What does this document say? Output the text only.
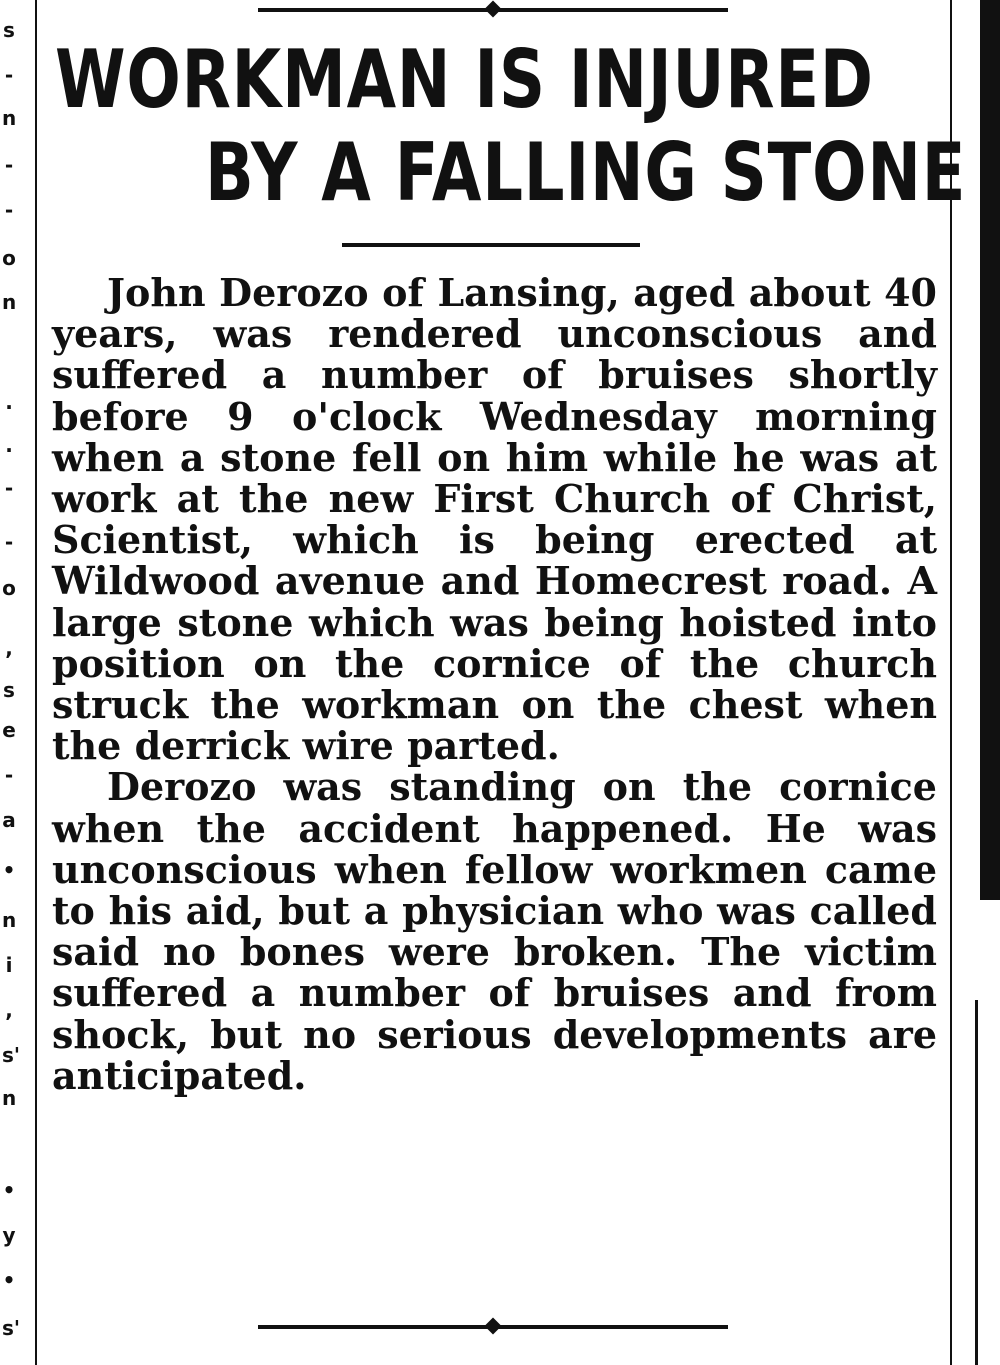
s
-
n
-
-
o
n
.
.
-
-
o
,
s
e
-
a
•
n
i
,
s'
n
•
y
•
s'
WORKMAN IS INJURED
BY A FALLING STONE

John Derozo of Lansing, aged about 40 years, was rendered unconscious and suffered a number of bruises shortly before 9 o'clock Wednesday morning when a stone fell on him while he was at work at the new First Church of Christ, Scientist, which is being erected at Wildwood avenue and Homecrest road. A large stone which was being hoisted into position on the cornice of the church struck the workman on the chest when the derrick wire parted.

Derozo was standing on the cornice when the accident happened. He was unconscious when fellow workmen came to his aid, but a physician who was called said no bones were broken. The victim suffered a number of bruises and from shock, but no serious developments are anticipated.
